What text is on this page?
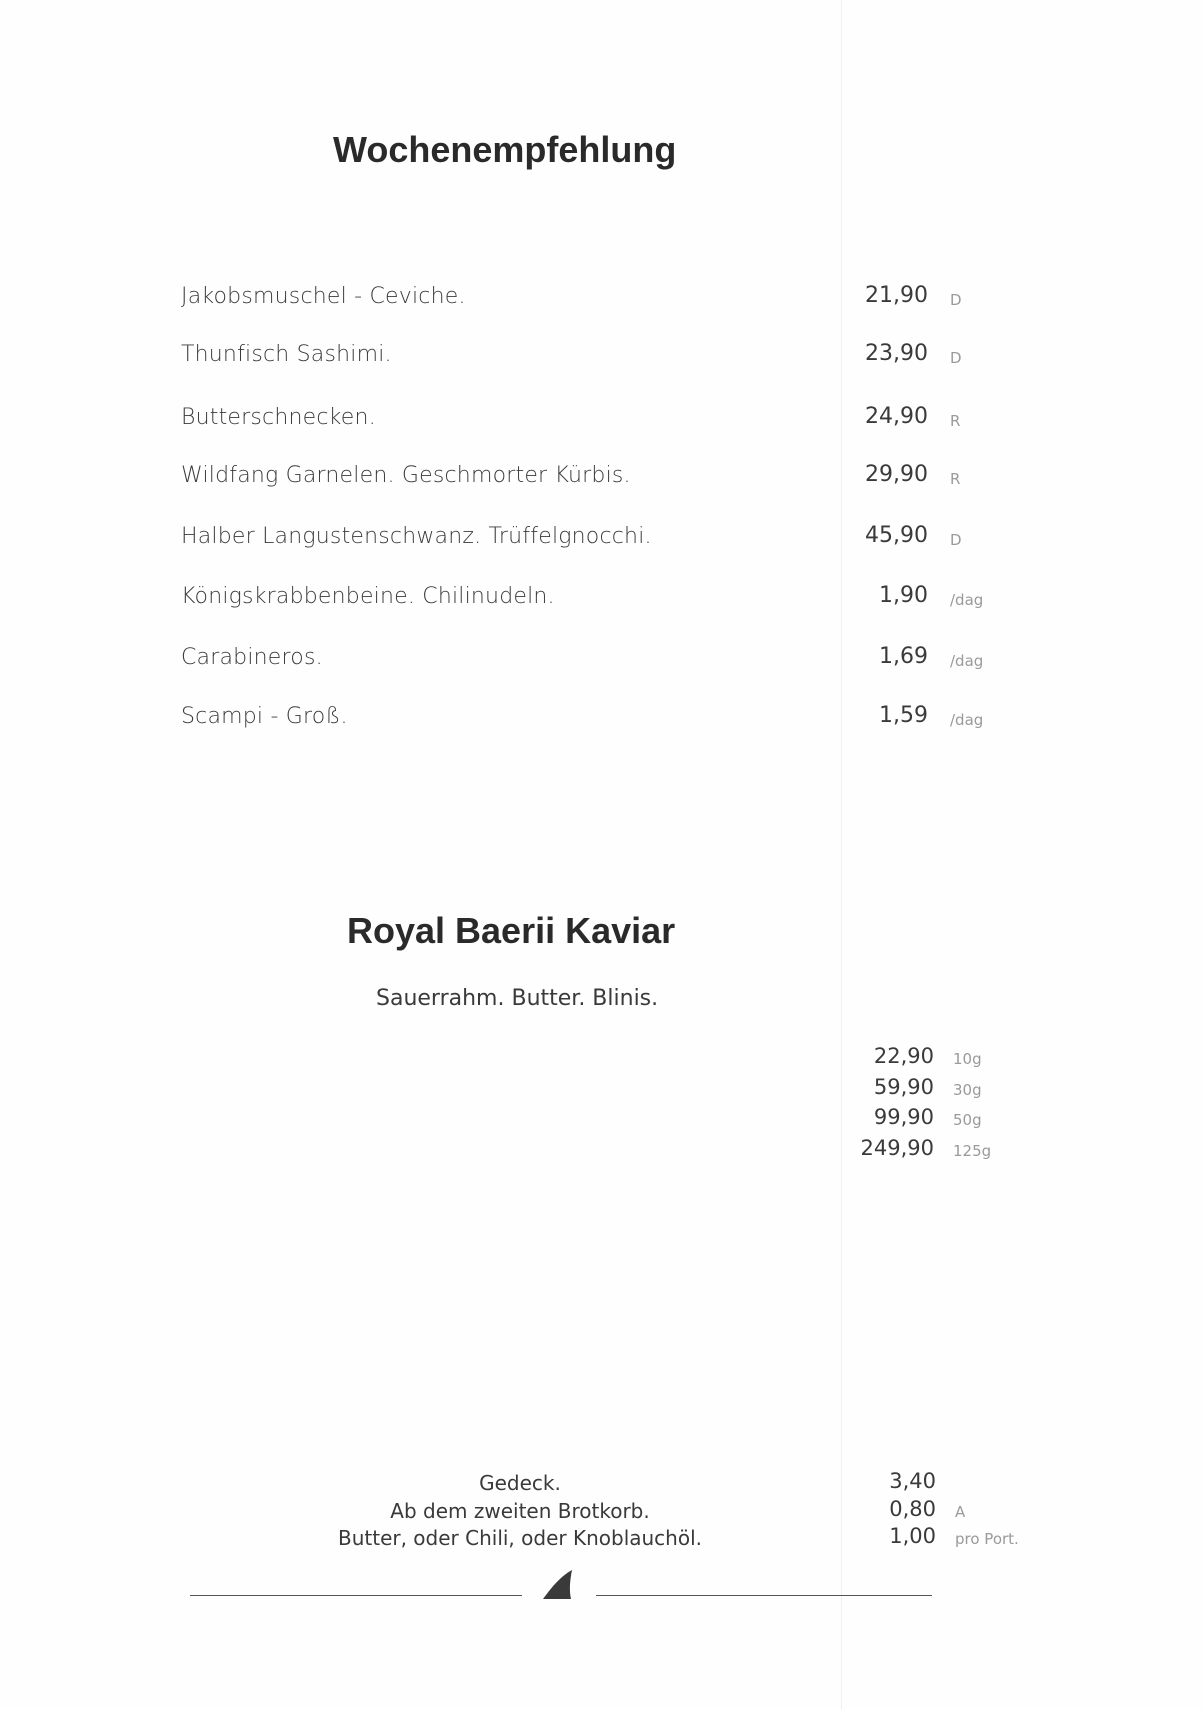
Wochenempfehlung
Jakobsmuschel - Ceviche.	21,90 D
Thunfisch Sashimi.	23,90 D
Butterschnecken.	24,90 R
Wildfang Garnelen. Geschmorter Kürbis.	29,90 R
Halber Langustenschwanz. Trüffelgnocchi.	45,90 D
Königskrabbenbeine. Chilinudeln.	1,90 /dag
Carabineros.	1,69 /dag
Scampi - Groß.	1,59 /dag
Royal Baerii Kaviar
Sauerrahm. Butter. Blinis.
22,90 10g
59,90 30g
99,90 50g
249,90 125g
Gedeck.	3,40
Ab dem zweiten Brotkorb.	0,80 A
Butter, oder Chili, oder Knoblauchöl.	1,00 pro Port.
